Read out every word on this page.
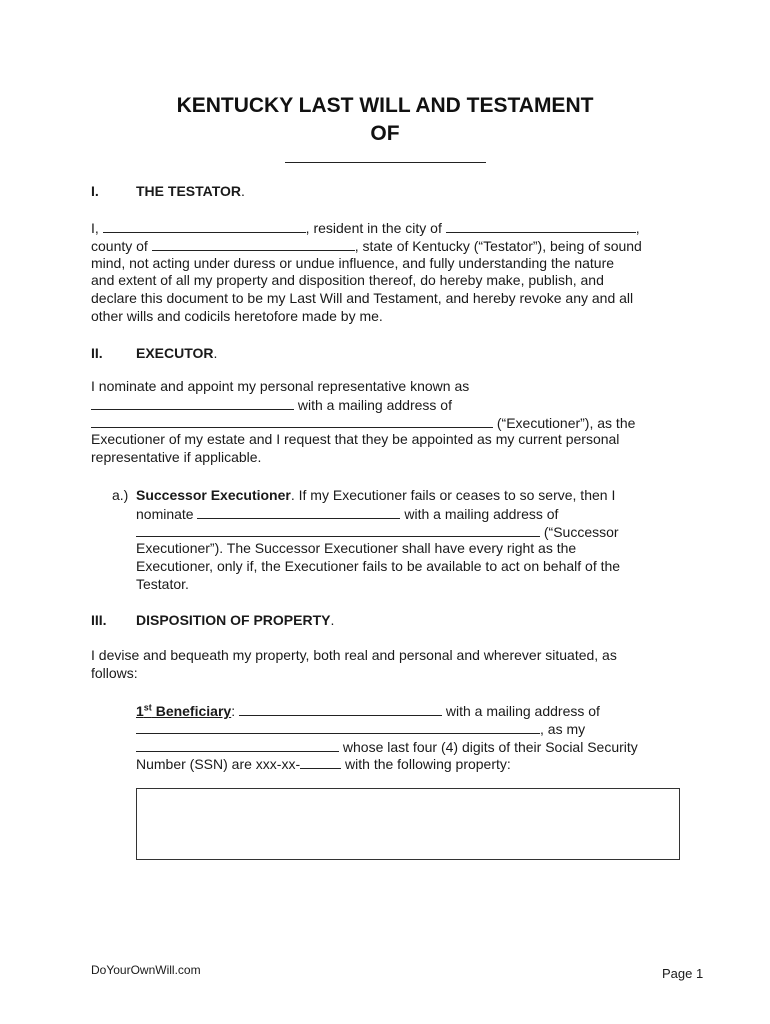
KENTUCKY LAST WILL AND TESTAMENT
OF
I.	THE TESTATOR.
I,	, resident in the city of	,
county of	, state of Kentucky (“Testator”), being of sound
mind, not acting under duress or undue influence, and fully understanding the nature
and extent of all my property and disposition thereof, do hereby make, publish, and
declare this document to be my Last Will and Testament, and hereby revoke any and all
other wills and codicils heretofore made by me.
II.	EXECUTOR.
I nominate and appoint my personal representative known as
with a mailing address of
(“Executioner”), as the
Executioner of my estate and I request that they be appointed as my current personal
representative if applicable.
a.) Successor Executioner. If my Executioner fails or ceases to so serve, then I
nominate	with a mailing address of
(“Successor
Executioner”). The Successor Executioner shall have every right as the
Executioner, only if, the Executioner fails to be available to act on behalf of the
Testator.
III.	DISPOSITION OF PROPERTY.
I devise and bequeath my property, both real and personal and wherever situated, as
follows:
1st Beneficiary:	with a mailing address of
, as my
whose last four (4) digits of their Social Security
Number (SSN) are xxx-xx-	with the following property:
DoYourOwnWill.com	Page 1
